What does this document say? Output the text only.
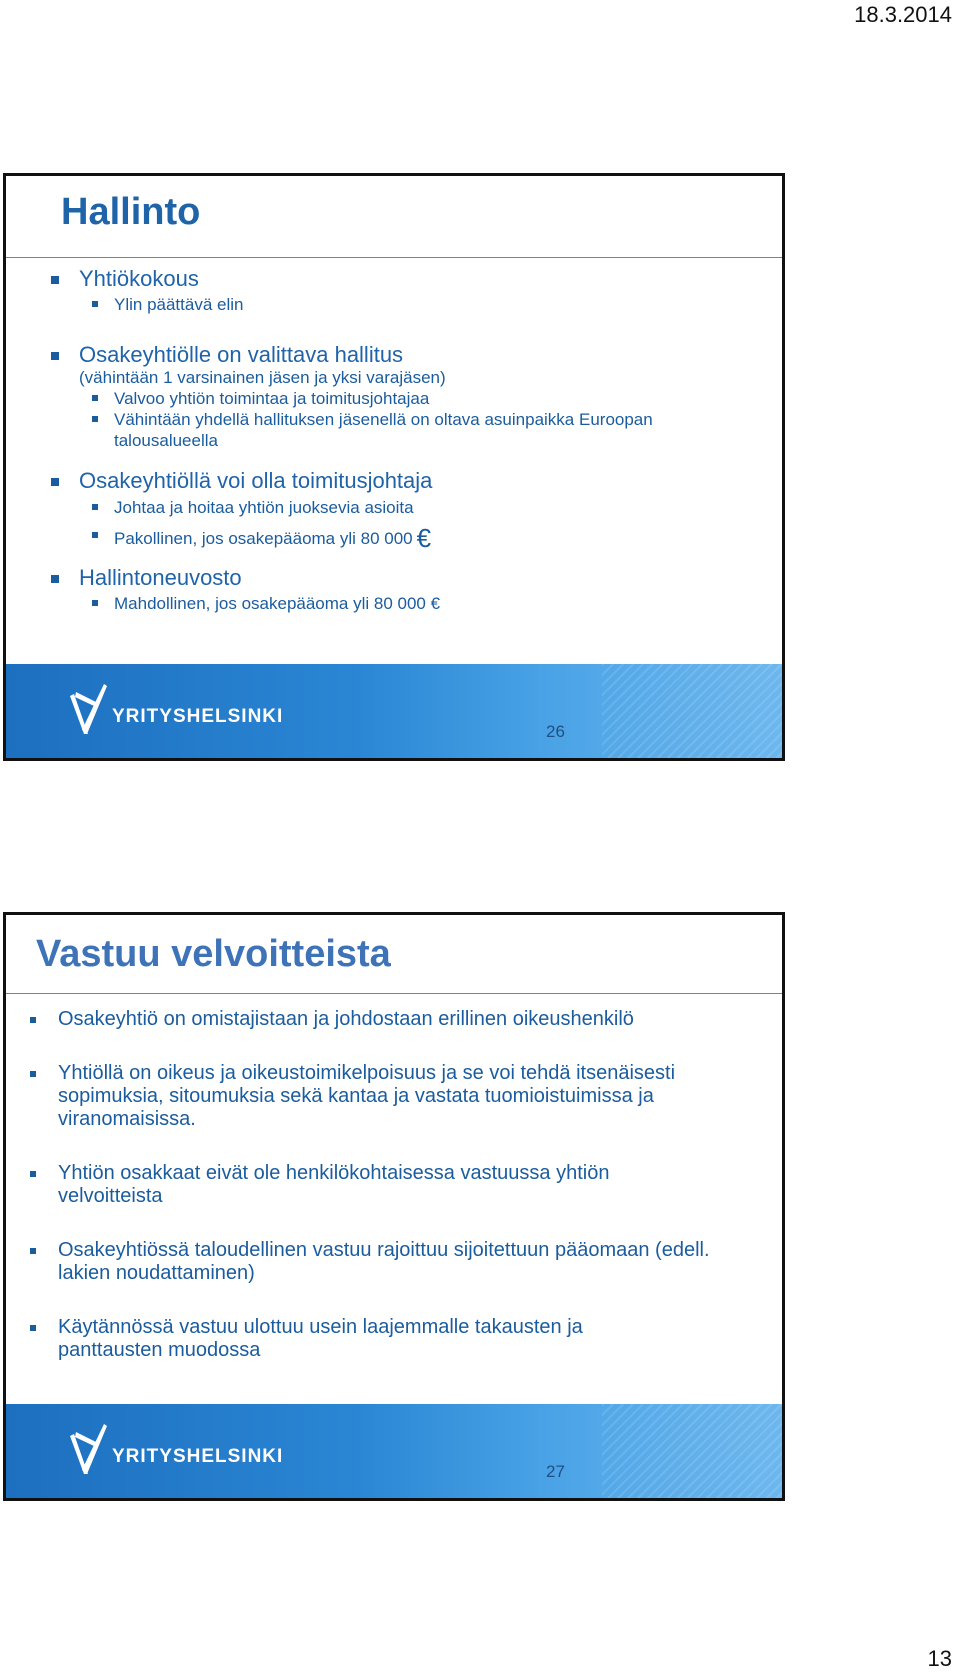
18.3.2014
Hallinto
Yhtiökokous
Ylin päättävä elin
Osakeyhtiölle on valittava hallitus
(vähintään 1 varsinainen jäsen ja yksi varajäsen)
Valvoo yhtiön toimintaa ja toimitusjohtajaa
Vähintään yhdellä hallituksen jäsenellä on oltava asuinpaikka Euroopan talousalueella
Osakeyhtiöllä voi olla toimitusjohtaja
Johtaa ja hoitaa yhtiön juoksevia asioita
Pakollinen, jos osakepääoma yli 80 000 €
Hallintoneuvosto
Mahdollinen, jos osakepääoma yli 80 000 €
YRITYSHELSINKI
26
Vastuu velvoitteista
Osakeyhtiö on omistajistaan ja johdostaan erillinen oikeushenkilö
Yhtiöllä on oikeus ja oikeustoimikelpoisuus ja se voi tehdä itsenäisesti sopimuksia, sitoumuksia sekä kantaa ja vastata tuomioistuimissa ja viranomaisissa.
Yhtiön osakkaat eivät ole henkilökohtaisessa vastuussa yhtiön velvoitteista
Osakeyhtiössä taloudellinen vastuu rajoittuu sijoitettuun pääomaan (edell. lakien noudattaminen)
Käytännössä vastuu ulottuu usein laajemmalle takausten ja panttausten muodossa
YRITYSHELSINKI
27
13
